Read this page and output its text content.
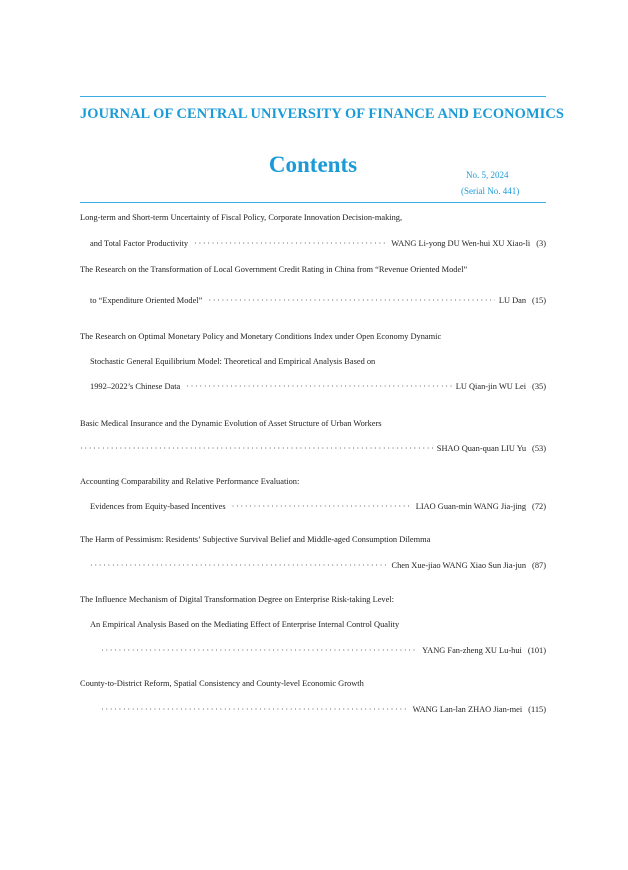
JOURNAL OF CENTRAL UNIVERSITY OF FINANCE AND ECONOMICS
Contents	No. 5, 2024
(Serial No. 441)
Long-term and Short-term Uncertainty of Fiscal Policy, Corporate Innovation Decision-making,
and Total Factor Productivity ·····	WANG Li-yong DU Wen-hui XU Xiao-li (3)
The Research on the Transformation of Local Government Credit Rating in China from “Revenue Oriented Model”
to “Expenditure Oriented Model” ·····	LU Dan (15)
The Research on Optimal Monetary Policy and Monetary Conditions Index under Open Economy Dynamic
Stochastic General Equilibrium Model: Theoretical and Empirical Analysis Based on
1992–2022’s Chinese Data ·····	LU Qian-jin WU Lei (35)
Basic Medical Insurance and the Dynamic Evolution of Asset Structure of Urban Workers
·····
SHAO Quan-quan LIU Yu (53)
Accounting Comparability and Relative Performance Evaluation:
Evidences from Equity-based Incentives ·····	LIAO Guan-min WANG Jia-jing (72)
The Harm of Pessimism: Residents’ Subjective Survival Belief and Middle-aged Consumption Dilemma
·····
Chen Xue-jiao WANG Xiao Sun Jia-jun (87)
The Influence Mechanism of Digital Transformation Degree on Enterprise Risk-taking Level:
An Empirical Analysis Based on the Mediating Effect of Enterprise Internal Control Quality
·····
YANG Fan-zheng XU Lu-hui (101)
County-to-District Reform, Spatial Consistency and County-level Economic Growth
·····
WANG Lan-lan ZHAO Jian-mei (115)
